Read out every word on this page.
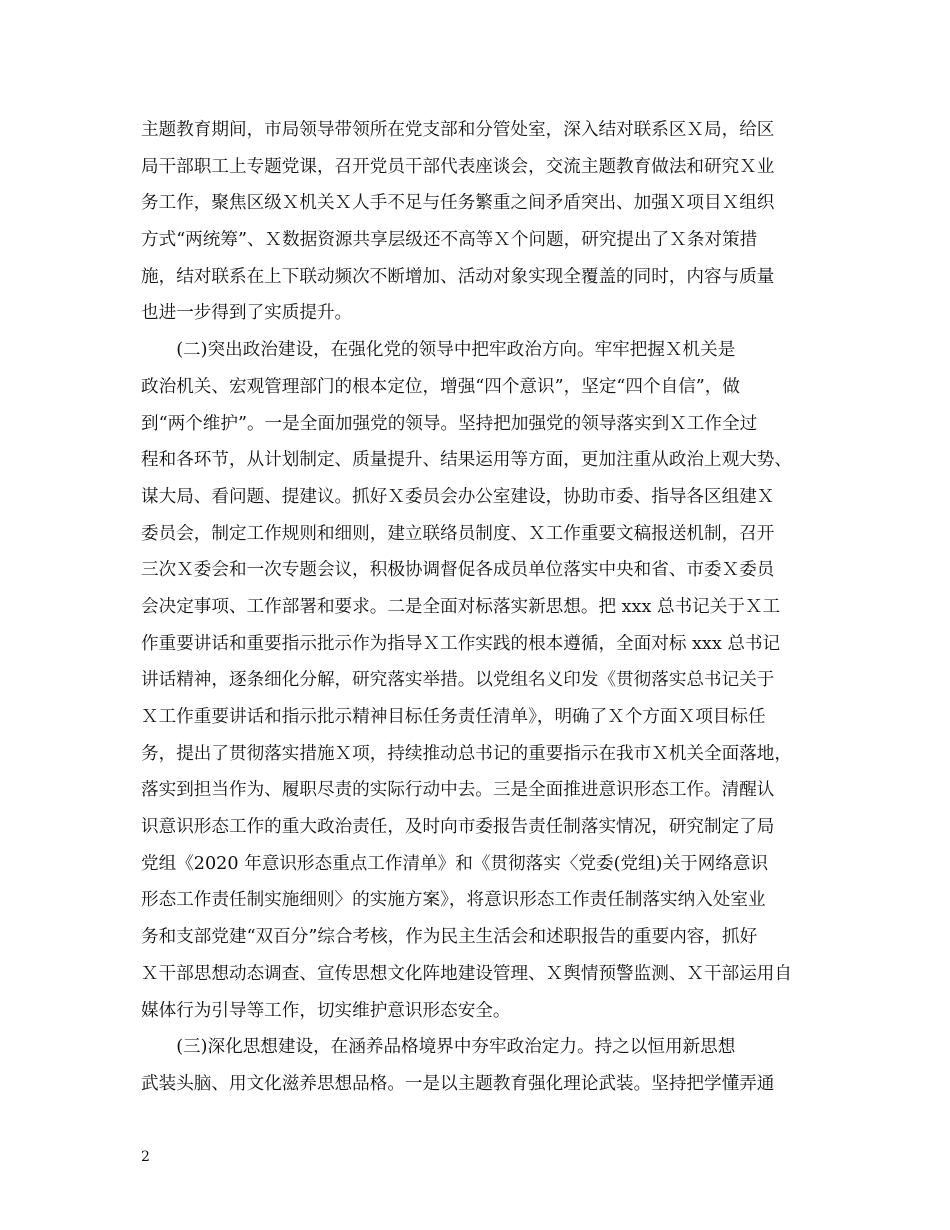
主题教育期间，市局领导带领所在党支部和分管处室，深入结对联系区Ｘ局，给区
局干部职工上专题党课，召开党员干部代表座谈会，交流主题教育做法和研究Ｘ业
务工作，聚焦区级Ｘ机关Ｘ人手不足与任务繁重之间矛盾突出、加强Ｘ项目Ｘ组织
方式“两统筹”、Ｘ数据资源共享层级还不高等Ｘ个问题，研究提出了Ｘ条对策措
施，结对联系在上下联动频次不断增加、活动对象实现全覆盖的同时，内容与质量
也进一步得到了实质提升。
　　(二)突出政治建设，在强化党的领导中把牢政治方向。牢牢把握Ｘ机关是
政治机关、宏观管理部门的根本定位，增强“四个意识”，坚定“四个自信”，做
到“两个维护”。一是全面加强党的领导。坚持把加强党的领导落实到Ｘ工作全过
程和各环节，从计划制定、质量提升、结果运用等方面，更加注重从政治上观大势、
谋大局、看问题、提建议。抓好Ｘ委员会办公室建设，协助市委、指导各区组建Ｘ
委员会，制定工作规则和细则，建立联络员制度、Ｘ工作重要文稿报送机制，召开
三次Ｘ委会和一次专题会议，积极协调督促各成员单位落实中央和省、市委Ｘ委员
会决定事项、工作部署和要求。二是全面对标落实新思想。把 xxx 总书记关于Ｘ工
作重要讲话和重要指示批示作为指导Ｘ工作实践的根本遵循，全面对标 xxx 总书记
讲话精神，逐条细化分解，研究落实举措。以党组名义印发《贯彻落实总书记关于
Ｘ工作重要讲话和指示批示精神目标任务责任清单》，明确了Ｘ个方面Ｘ项目标任
务，提出了贯彻落实措施Ｘ项，持续推动总书记的重要指示在我市Ｘ机关全面落地，
落实到担当作为、履职尽责的实际行动中去。三是全面推进意识形态工作。清醒认
识意识形态工作的重大政治责任，及时向市委报告责任制落实情况，研究制定了局
党组《2020 年意识形态重点工作清单》和《贯彻落实〈党委(党组)关于网络意识
形态工作责任制实施细则〉的实施方案》，将意识形态工作责任制落实纳入处室业
务和支部党建“双百分”综合考核，作为民主生活会和述职报告的重要内容，抓好
Ｘ干部思想动态调查、宣传思想文化阵地建设管理、Ｘ舆情预警监测、Ｘ干部运用自
媒体行为引导等工作，切实维护意识形态安全。
　　(三)深化思想建设，在涵养品格境界中夯牢政治定力。持之以恒用新思想
武装头脑、用文化滋养思想品格。一是以主题教育强化理论武装。坚持把学懂弄通
2
